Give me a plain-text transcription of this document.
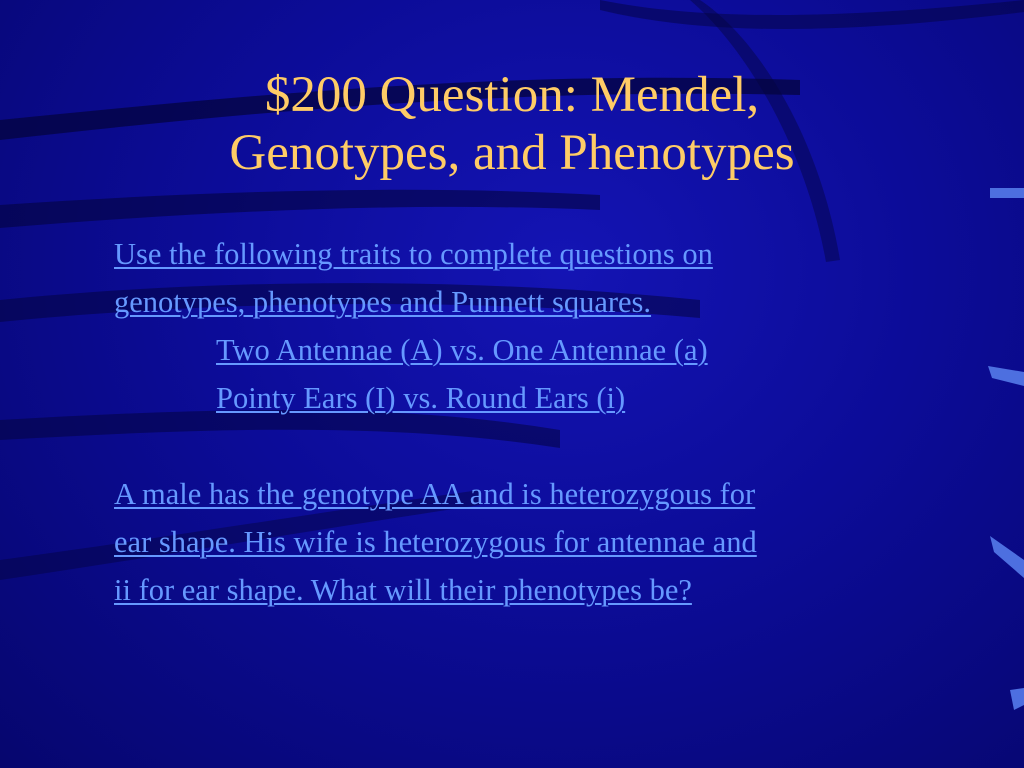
$200 Question: Mendel,
Genotypes, and Phenotypes
Use the following traits to complete questions on
genotypes, phenotypes and Punnett squares.
Two Antennae (A) vs. One Antennae (a)
Pointy Ears (I) vs. Round Ears (i)
A male has the genotype AA and is heterozygous for
ear shape. His wife is heterozygous for antennae and
ii for ear shape. What will their phenotypes be?
